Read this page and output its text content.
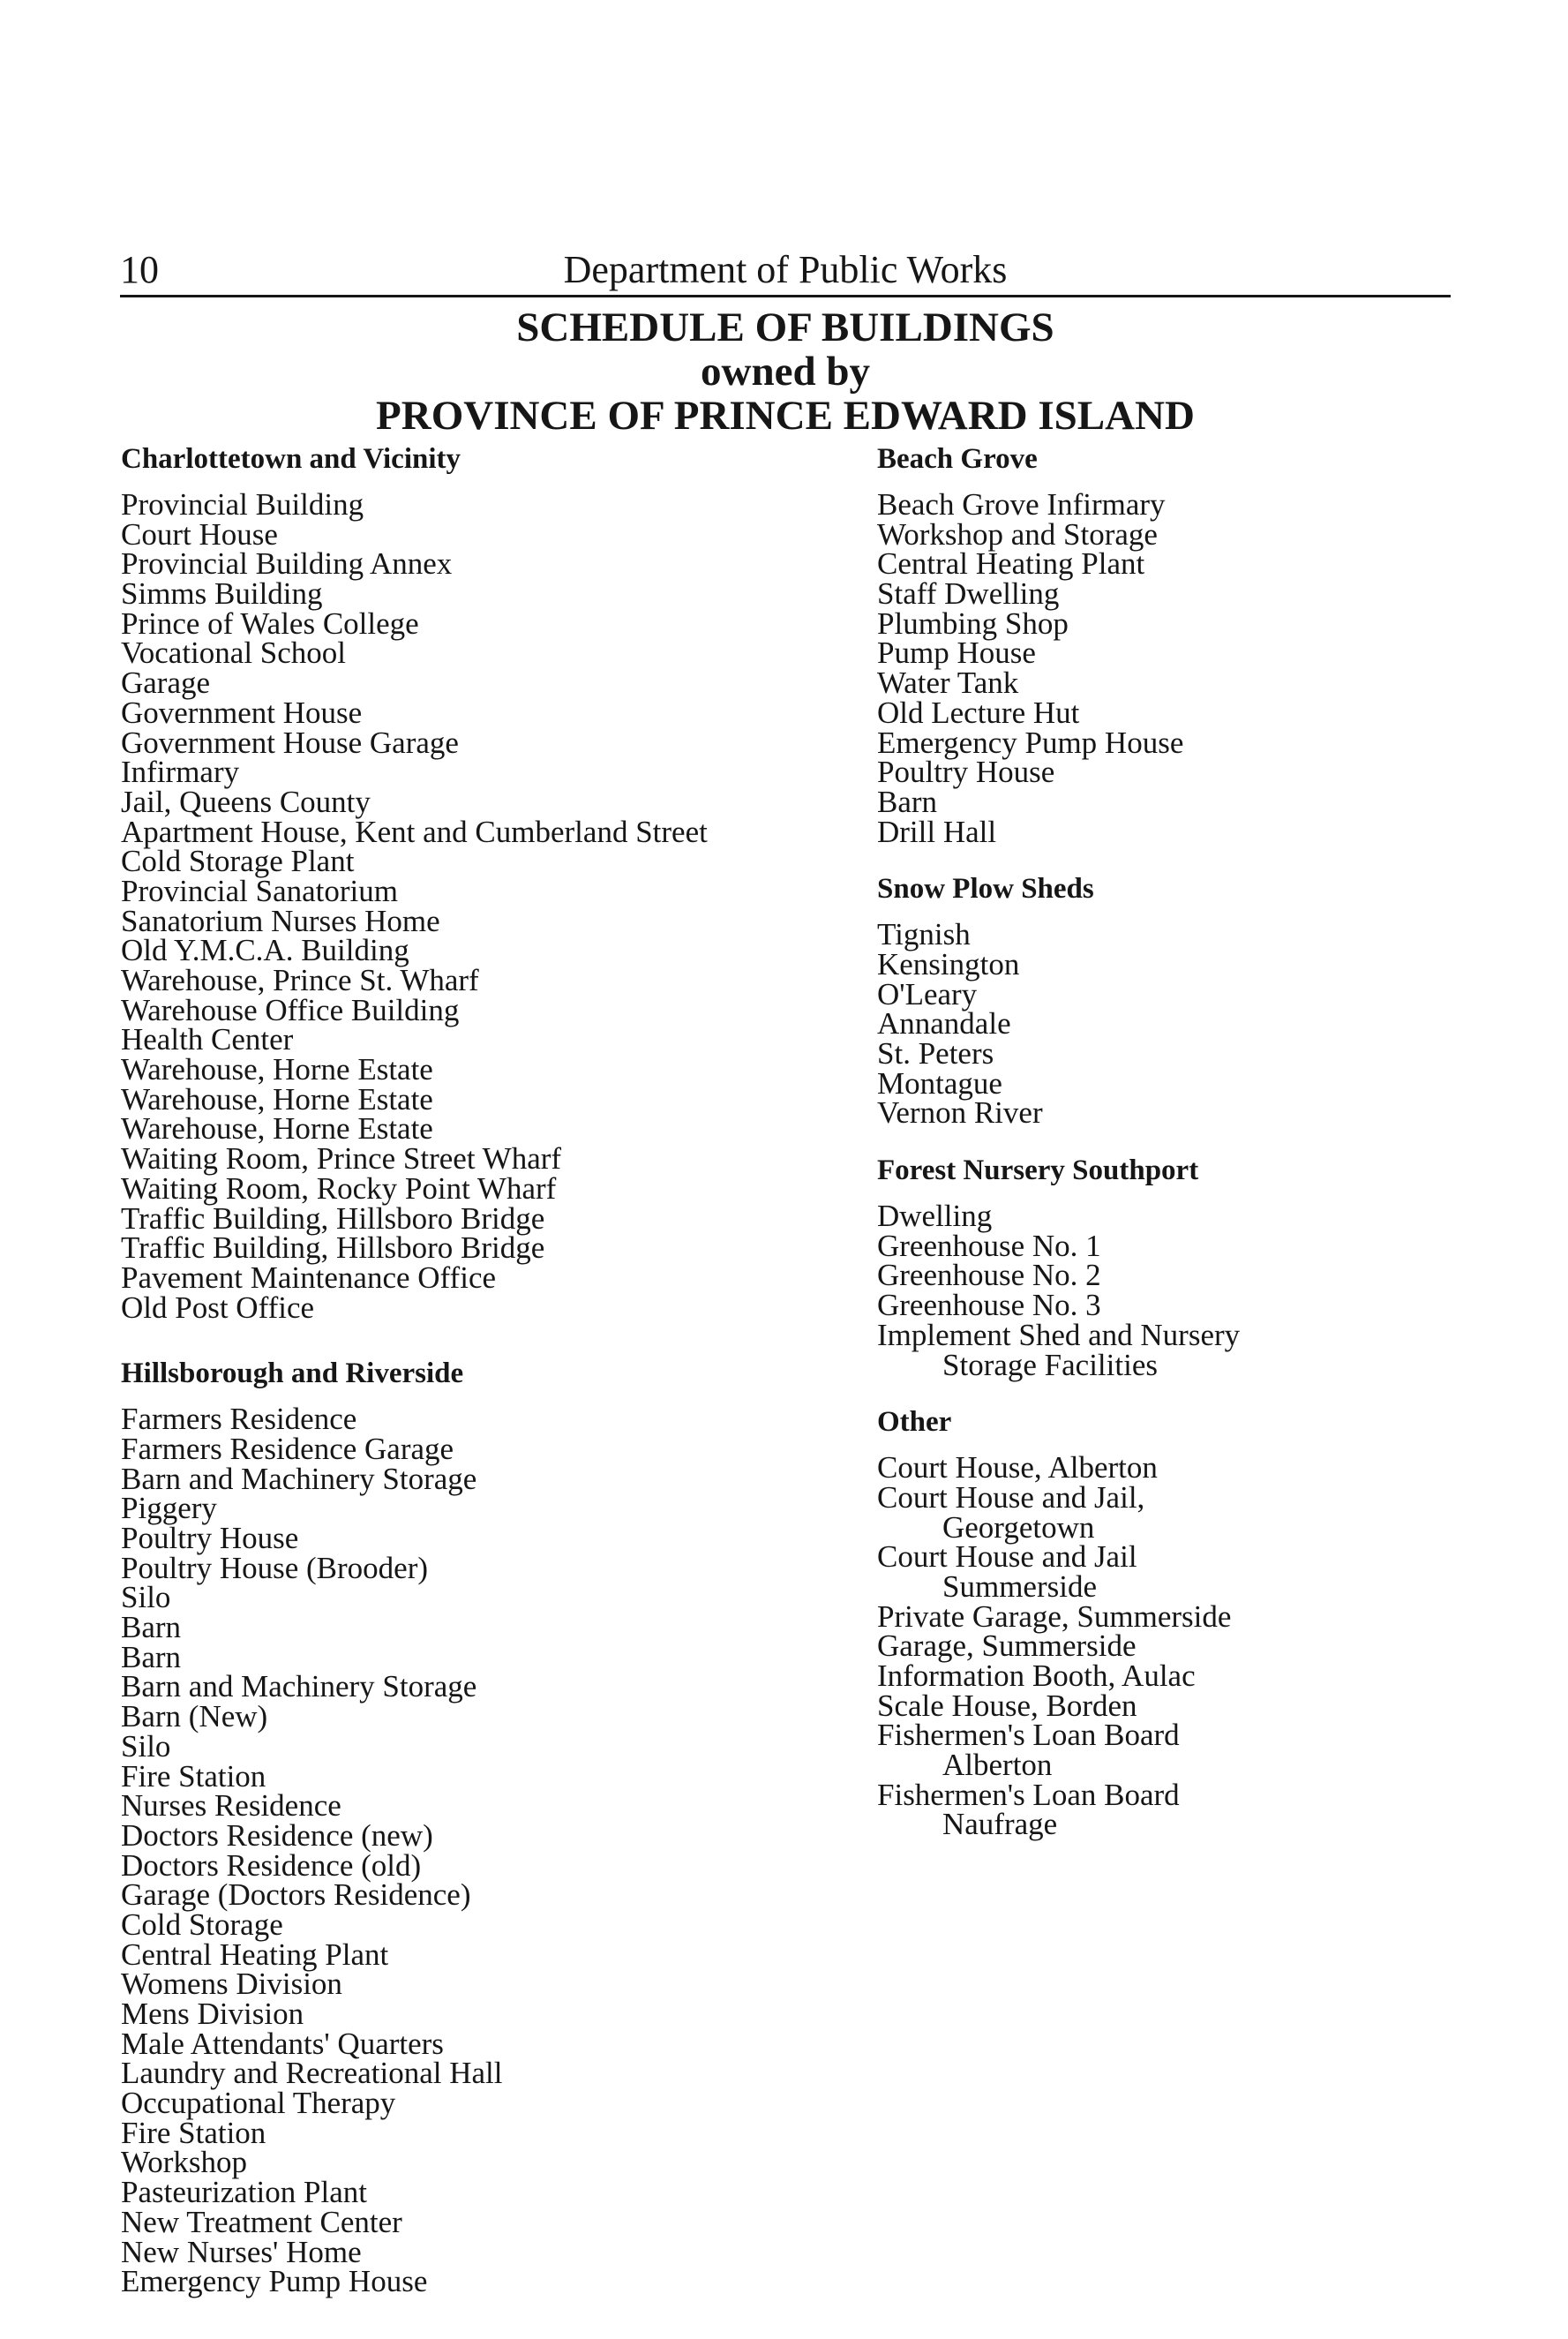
10	Department of Public Works
SCHEDULE OF BUILDINGS
owned by
PROVINCE OF PRINCE EDWARD ISLAND
Charlottetown and Vicinity
Provincial Building
Court House
Provincial Building Annex
Simms Building
Prince of Wales College
Vocational School
Garage
Government House
Government House Garage
Infirmary
Jail, Queens County
Apartment House, Kent and Cumberland Street
Cold Storage Plant
Provincial Sanatorium
Sanatorium Nurses Home
Old Y.M.C.A. Building
Warehouse, Prince St. Wharf
Warehouse Office Building
Health Center
Warehouse, Horne Estate
Warehouse, Horne Estate
Warehouse, Horne Estate
Waiting Room, Prince Street Wharf
Waiting Room, Rocky Point Wharf
Traffic Building, Hillsboro Bridge
Traffic Building, Hillsboro Bridge
Pavement Maintenance Office
Old Post Office
Hillsborough and Riverside
Farmers Residence
Farmers Residence Garage
Barn and Machinery Storage
Piggery
Poultry House
Poultry House (Brooder)
Silo
Barn
Barn
Barn and Machinery Storage
Barn (New)
Silo
Fire Station
Nurses Residence
Doctors Residence (new)
Doctors Residence (old)
Garage (Doctors Residence)
Cold Storage
Central Heating Plant
Womens Division
Mens Division
Male Attendants' Quarters
Laundry and Recreational Hall
Occupational Therapy
Fire Station
Workshop
Pasteurization Plant
New Treatment Center
New Nurses' Home
Emergency Pump House
Beach Grove
Beach Grove Infirmary
Workshop and Storage
Central Heating Plant
Staff Dwelling
Plumbing Shop
Pump House
Water Tank
Old Lecture Hut
Emergency Pump House
Poultry House
Barn
Drill Hall
Snow Plow Sheds
Tignish
Kensington
O'Leary
Annandale
St. Peters
Montague
Vernon River
Forest Nursery Southport
Dwelling
Greenhouse No. 1
Greenhouse No. 2
Greenhouse No. 3
Implement Shed and Nursery
Storage Facilities
Other
Court House, Alberton
Court House and Jail,
Georgetown
Court House and Jail
Summerside
Private Garage, Summerside
Garage, Summerside
Information Booth, Aulac
Scale House, Borden
Fishermen's Loan Board
Alberton
Fishermen's Loan Board
Naufrage
